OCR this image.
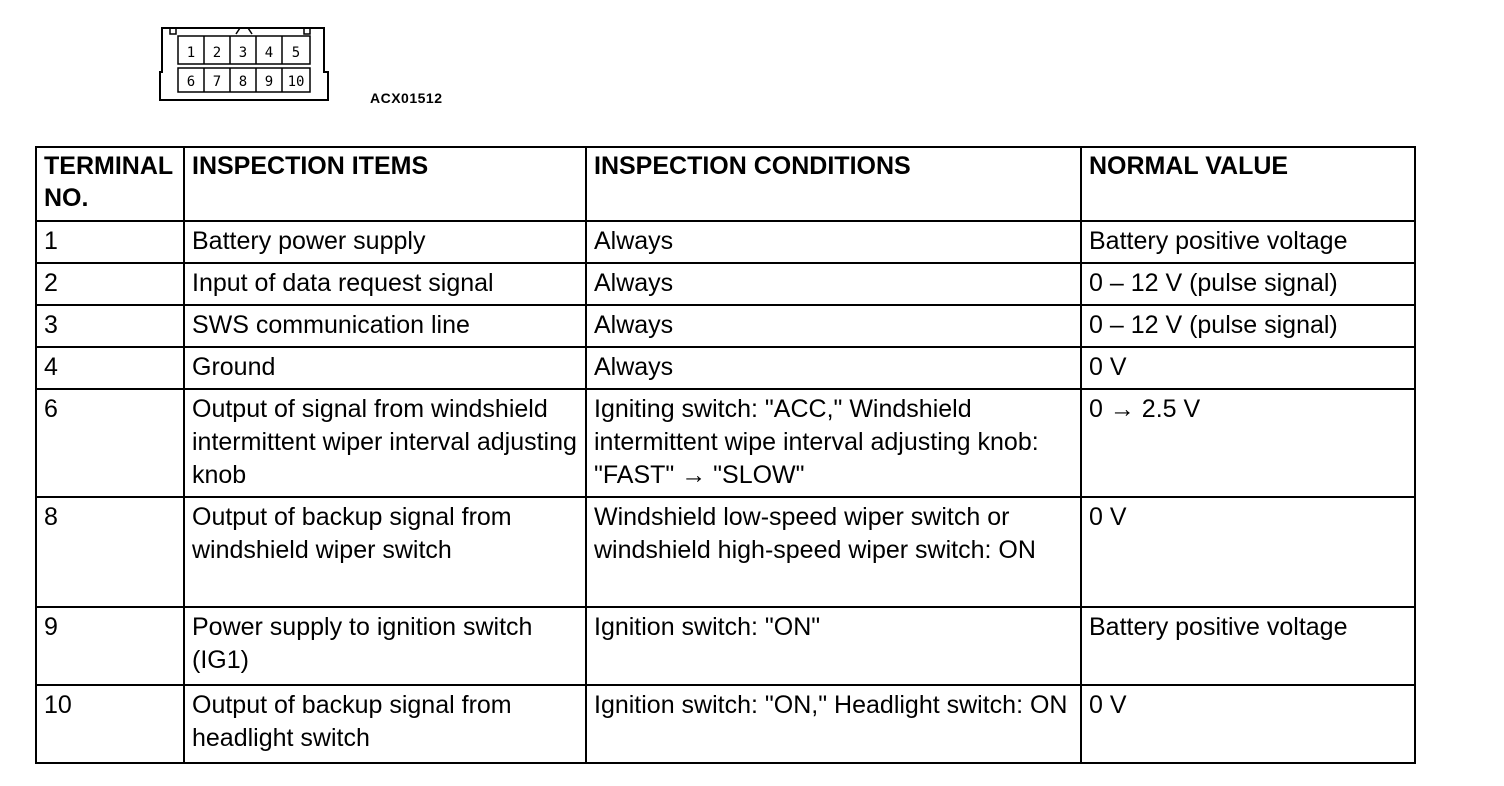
1 2 3 4 5
6 7 8 9 10
ACX01512
TERMINAL NO.	INSPECTION ITEMS	INSPECTION CONDITIONS	NORMAL VALUE
1	Battery power supply	Always	Battery positive voltage
2	Input of data request signal	Always	0 – 12 V (pulse signal)
3	SWS communication line	Always	0 – 12 V (pulse signal)
4	Ground	Always	0 V
6	Output of signal from windshield intermittent wiper interval adjusting knob	Igniting switch: "ACC," Windshield intermittent wipe interval adjusting knob: "FAST" → "SLOW"	0 → 2.5 V
8	Output of backup signal from windshield wiper switch	Windshield low-speed wiper switch or windshield high-speed wiper switch: ON	0 V
9	Power supply to ignition switch (IG1)	Ignition switch: "ON"	Battery positive voltage
10	Output of backup signal from headlight switch	Ignition switch: "ON," Headlight switch: ON	0 V
